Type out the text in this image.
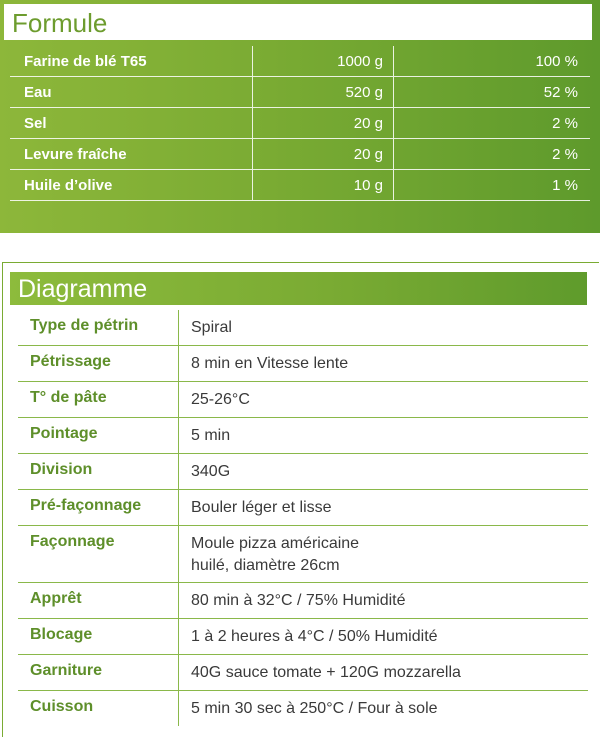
Formule
Farine de blé T65	1000 g	100 %
Eau	520 g	52 %
Sel	20 g	2 %
Levure fraîche	20 g	2 %
Huile d’olive	10 g	1 %
Diagramme
Type de pétrin	Spiral
Pétrissage	8 min en Vitesse lente
T° de pâte	25-26°C
Pointage	5 min
Division	340G
Pré-façonnage	Bouler léger et lisse
Façonnage	Moule pizza américaine
huilé, diamètre 26cm

Apprêt	80 min à 32°C / 75% Humidité
Blocage	1 à 2 heures à 4°C / 50% Humidité
Garniture	40G sauce tomate + 120G mozzarella
Cuisson	5 min 30 sec à 250°C / Four à sole
